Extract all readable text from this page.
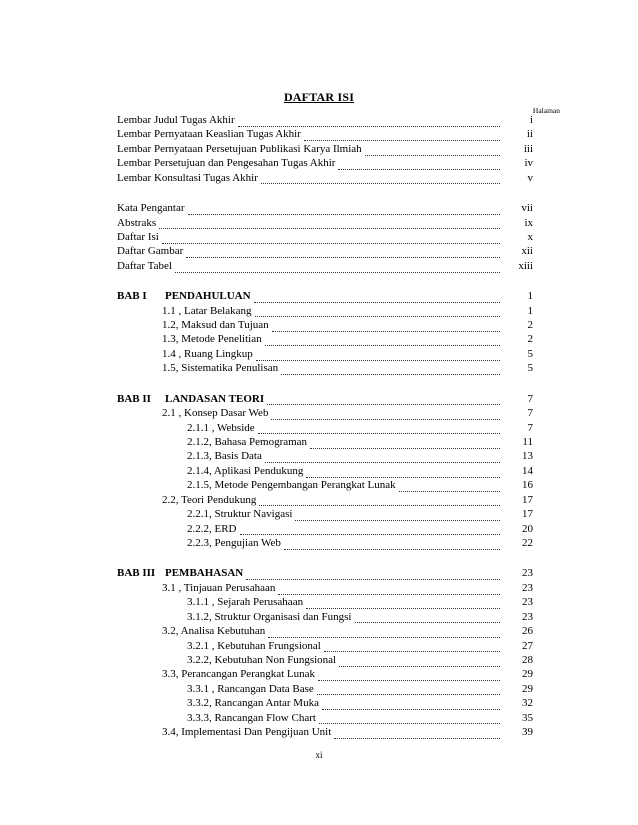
DAFTAR ISI
Halaman
Lembar Judul Tugas Akhir	i
Lembar Pernyataan Keaslian Tugas Akhir	ii
Lembar Pernyataan Persetujuan Publikasi Karya Ilmiah	iii
Lembar Persetujuan dan Pengesahan Tugas Akhir	iv
Lembar Konsultasi Tugas Akhir	v
Kata Pengantar	vii
Abstraks	ix
Daftar Isi	x
Daftar Gambar	xii
Daftar Tabel	xiii
BAB I PENDAHULUAN	1
1.1 , Latar Belakang	1
1.2, Maksud dan Tujuan	2
1.3, Metode Penelitian	2
1.4 , Ruang Lingkup	5
1.5, Sistematika Penulisan	5
BAB II LANDASAN TEORI	7
2.1 , Konsep Dasar Web	7
2.1.1 , Webside	7
2.1.2, Bahasa Pemograman	11
2.1.3, Basis Data	13
2.1.4, Aplikasi Pendukung	14
2.1.5, Metode Pengembangan Perangkat Lunak	16
2.2, Teori Pendukung	17
2.2.1, Struktur Navigasi	17
2.2.2, ERD	20
2.2.3, Pengujian Web	22
BAB III PEMBAHASAN	23
3.1 , Tinjauan Perusahaan	23
3.1.1 , Sejarah Perusahaan	23
3.1.2, Struktur Organisasi dan Fungsi	23
3.2, Analisa Kebutuhan	26
3.2.1 , Kebutuhan Frungsional	27
3.2.2, Kebutuhan Non Fungsional	28
3.3, Perancangan Perangkat Lunak	29
3.3.1 , Rancangan Data Base	29
3.3.2, Rancangan Antar Muka	32
3.3.3, Rancangan Flow Chart	35
3.4, Implementasi Dan Pengijuan Unit	39
xi
